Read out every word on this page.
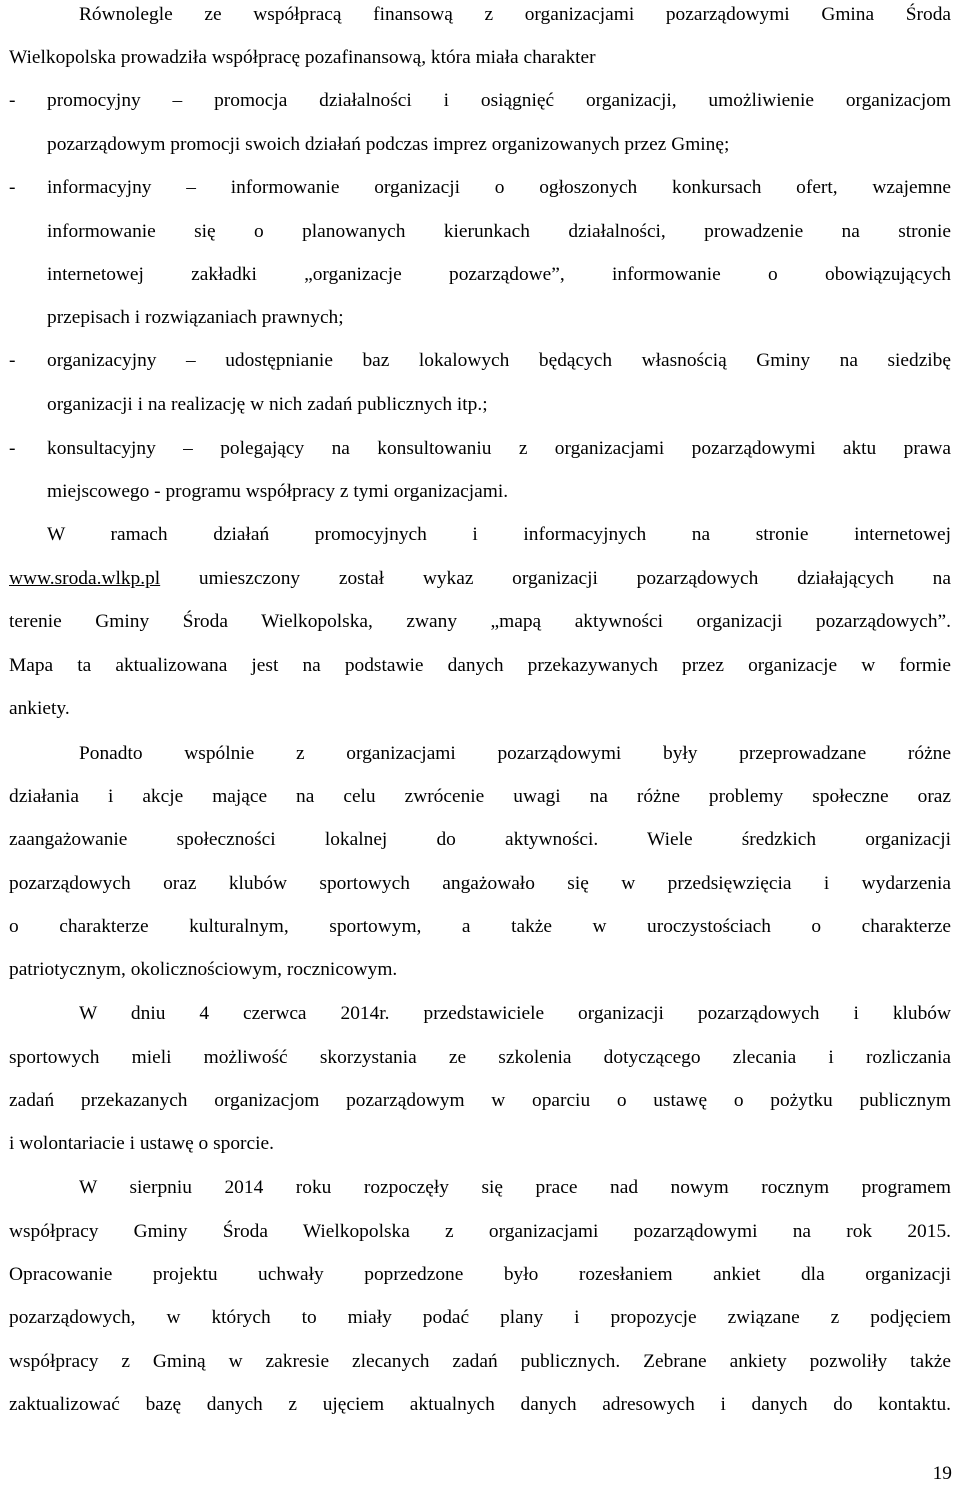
Równolegle ze współpracą finansową z organizacjami pozarządowymi Gmina Środa
Wielkopolska prowadziła współpracę pozafinansową, która miała charakter
- promocyjny – promocja działalności i osiągnięć organizacji, umożliwienie organizacjom
pozarządowym promocji swoich działań podczas imprez organizowanych przez Gminę;
- informacyjny – informowanie organizacji o ogłoszonych konkursach ofert, wzajemne
informowanie się o planowanych kierunkach działalności, prowadzenie na stronie
internetowej zakładki „organizacje pozarządowe”, informowanie o obowiązujących
przepisach i rozwiązaniach prawnych;
- organizacyjny – udostępnianie baz lokalowych będących własnością Gminy na siedzibę
organizacji i na realizację w nich zadań publicznych itp.;
- konsultacyjny – polegający na konsultowaniu z organizacjami pozarządowymi aktu prawa
miejscowego - programu współpracy z tymi organizacjami.
W ramach działań promocyjnych i informacyjnych na stronie internetowej
www.sroda.wlkp.pl umieszczony został wykaz organizacji pozarządowych działających na
terenie Gminy Środa Wielkopolska, zwany „mapą aktywności organizacji pozarządowych”.
Mapa ta aktualizowana jest na podstawie danych przekazywanych przez organizacje w formie
ankiety.
Ponadto wspólnie z organizacjami pozarządowymi były przeprowadzane różne
działania i akcje mające na celu zwrócenie uwagi na różne problemy społeczne oraz
zaangażowanie społeczności lokalnej do aktywności. Wiele średzkich organizacji
pozarządowych oraz klubów sportowych angażowało się w przedsięwzięcia i wydarzenia
o charakterze kulturalnym, sportowym, a także w uroczystościach o charakterze
patriotycznym, okolicznościowym, rocznicowym.
W dniu 4 czerwca 2014r. przedstawiciele organizacji pozarządowych i klubów
sportowych mieli możliwość skorzystania ze szkolenia dotyczącego zlecania i rozliczania
zadań przekazanych organizacjom pozarządowym w oparciu o ustawę o pożytku publicznym
i wolontariacie i ustawę o sporcie.
W sierpniu 2014 roku rozpoczęły się prace nad nowym rocznym programem
współpracy Gminy Środa Wielkopolska z organizacjami pozarządowymi na rok 2015.
Opracowanie projektu uchwały poprzedzone było rozesłaniem ankiet dla organizacji
pozarządowych, w których to miały podać plany i propozycje związane z podjęciem
współpracy z Gminą w zakresie zlecanych zadań publicznych. Zebrane ankiety pozwoliły także
zaktualizować bazę danych z ujęciem aktualnych danych adresowych i danych do kontaktu.
19
